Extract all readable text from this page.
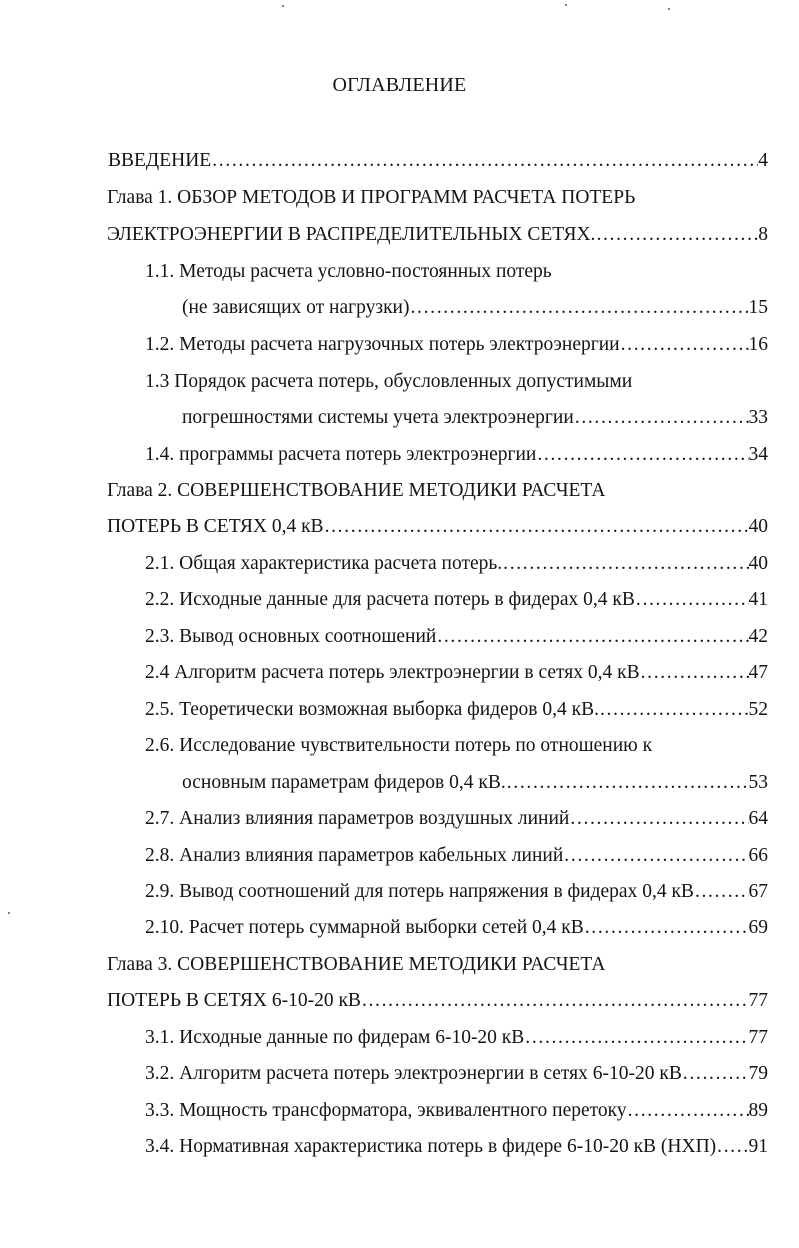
ОГЛАВЛЕНИЕ
ВВЕДЕНИЕ . . .	4
Глава 1. ОБЗОР МЕТОДОВ И ПРОГРАММ РАСЧЕТА ПОТЕРЬ
ЭЛЕКТРОЭНЕРГИИ В РАСПРЕДЕЛИТЕЛЬНЫХ СЕТЯХ. . . .	8
1.1. Методы расчета условно-постоянных потерь
(не зависящих от нагрузки) . . .	15
1.2. Методы расчета нагрузочных потерь электроэнергии . . .	16
1.3 Порядок расчета потерь, обусловленных допустимыми
погрешностями системы учета электроэнергии . . .	33
1.4. программы расчета потерь электроэнергии . . .	34
Глава 2. СОВЕРШЕНСТВОВАНИЕ МЕТОДИКИ РАСЧЕТА
ПОТЕРЬ В СЕТЯХ 0,4 кВ . . .	40
2.1. Общая характеристика расчета потерь. . . .	40
2.2. Исходные данные для расчета потерь в фидерах 0,4 кВ . . .	41
2.3. Вывод основных соотношений . . .	42
2.4 Алгоритм расчета потерь электроэнергии в сетях 0,4 кВ . . .	47
2.5. Теоретически возможная выборка фидеров 0,4 кВ. . . .	52
2.6. Исследование чувствительности потерь по отношению к
основным параметрам фидеров 0,4 кВ. . . .	53
2.7. Анализ влияния параметров воздушных линий . . .	64
2.8. Анализ влияния параметров кабельных линий . . .	66
2.9. Вывод соотношений для потерь напряжения в фидерах 0,4 кВ . . .	67
2.10. Расчет потерь суммарной выборки сетей 0,4 кВ . . .	69
Глава 3. СОВЕРШЕНСТВОВАНИЕ МЕТОДИКИ РАСЧЕТА
ПОТЕРЬ В СЕТЯХ 6-10-20 кВ . . .	77
3.1. Исходные данные по фидерам 6-10-20 кВ . . .	77
3.2. Алгоритм расчета потерь электроэнергии в сетях 6-10-20 кВ . . .	79
3.3. Мощность трансформатора, эквивалентного перетоку . . .	89
3.4. Нормативная характеристика потерь в фидере 6-10-20 кВ (НХП) . . . 91
